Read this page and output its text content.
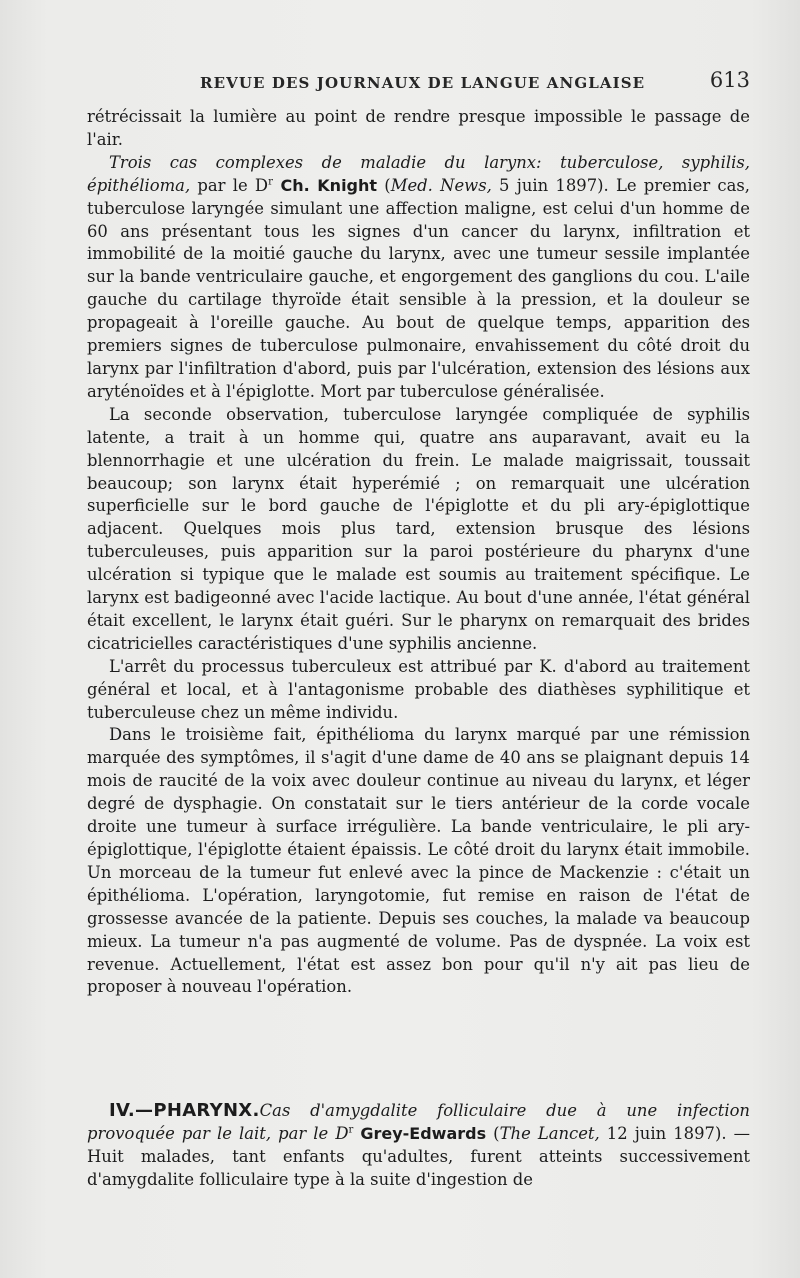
REVUE DES JOURNAUX DE LANGUE ANGLAISE	613

rétrécissait la lumière au point de rendre presque impossible le passage de l'air.

Trois cas complexes de maladie du larynx: tuberculose, syphilis, épithélioma, par le $D^r$ Ch. Knight (Med. News, 5 juin 1897). Le premier cas, tuberculose laryngée simulant une affection maligne, est celui d'un homme de 60 ans présentant tous les signes d'un cancer du larynx, infiltration et immobilité de la moitié gauche du larynx, avec une tumeur sessile implantée sur la bande ventriculaire gauche, et engorgement des ganglions du cou. L'aile gauche du cartilage thyroïde était sensible à la pression, et la douleur se propageait à l'oreille gauche. Au bout de quelque temps, apparition des premiers signes de tuberculose pulmonaire, envahissement du côté droit du larynx par l'infiltration d'abord, puis par l'ulcération, extension des lésions aux aryténoïdes et à l'épiglotte. Mort par tuberculose généralisée.

La seconde observation, tuberculose laryngée compliquée de syphilis latente, a trait à un homme qui, quatre ans auparavant, avait eu la blennorrhagie et une ulcération du frein. Le malade maigrissait, toussait beaucoup; son larynx était hyperémié ; on remarquait une ulcération superficielle sur le bord gauche de l'épiglotte et du pli ary-épiglottique adjacent. Quelques mois plus tard, extension brusque des lésions tuberculeuses, puis apparition sur la paroi postérieure du pharynx d'une ulcération si typique que le malade est soumis au traitement spécifique. Le larynx est badigeonné avec l'acide lactique. Au bout d'une année, l'état général était excellent, le larynx était guéri. Sur le pharynx on remarquait des brides cicatricielles caractéristiques d'une syphilis ancienne.

L'arrêt du processus tuberculeux est attribué par K. d'abord au traitement général et local, et à l'antagonisme probable des diathèses syphilitique et tuberculeuse chez un même individu.

Dans le troisième fait, épithélioma du larynx marqué par une rémission marquée des symptômes, il s'agit d'une dame de 40 ans se plaignant depuis 14 mois de raucité de la voix avec douleur continue au niveau du larynx, et léger degré de dysphagie. On constatait sur le tiers antérieur de la corde vocale droite une tumeur à surface irrégulière. La bande ventriculaire, le pli ary-épiglottique, l'épiglotte étaient épaissis. Le côté droit du larynx était immobile. Un morceau de la tumeur fut enlevé avec la pince de Mackenzie : c'était un épithélioma. L'opération, laryngotomie, fut remise en raison de l'état de grossesse avancée de la patiente. Depuis ses couches, la malade va beaucoup mieux. La tumeur n'a pas augmenté de volume. Pas de dyspnée. La voix est revenue. Actuellement, l'état est assez bon pour qu'il n'y ait pas lieu de proposer à nouveau l'opération.

IV.—PHARYNX.Cas d'amygdalite folliculaire due à une infection provoquée par le lait, par le $D^r$ Grey-Edwards (The Lancet, 12 juin 1897). — Huit malades, tant enfants qu'adultes, furent atteints successivement d'amygdalite folliculaire type à la suite d'ingestion de
